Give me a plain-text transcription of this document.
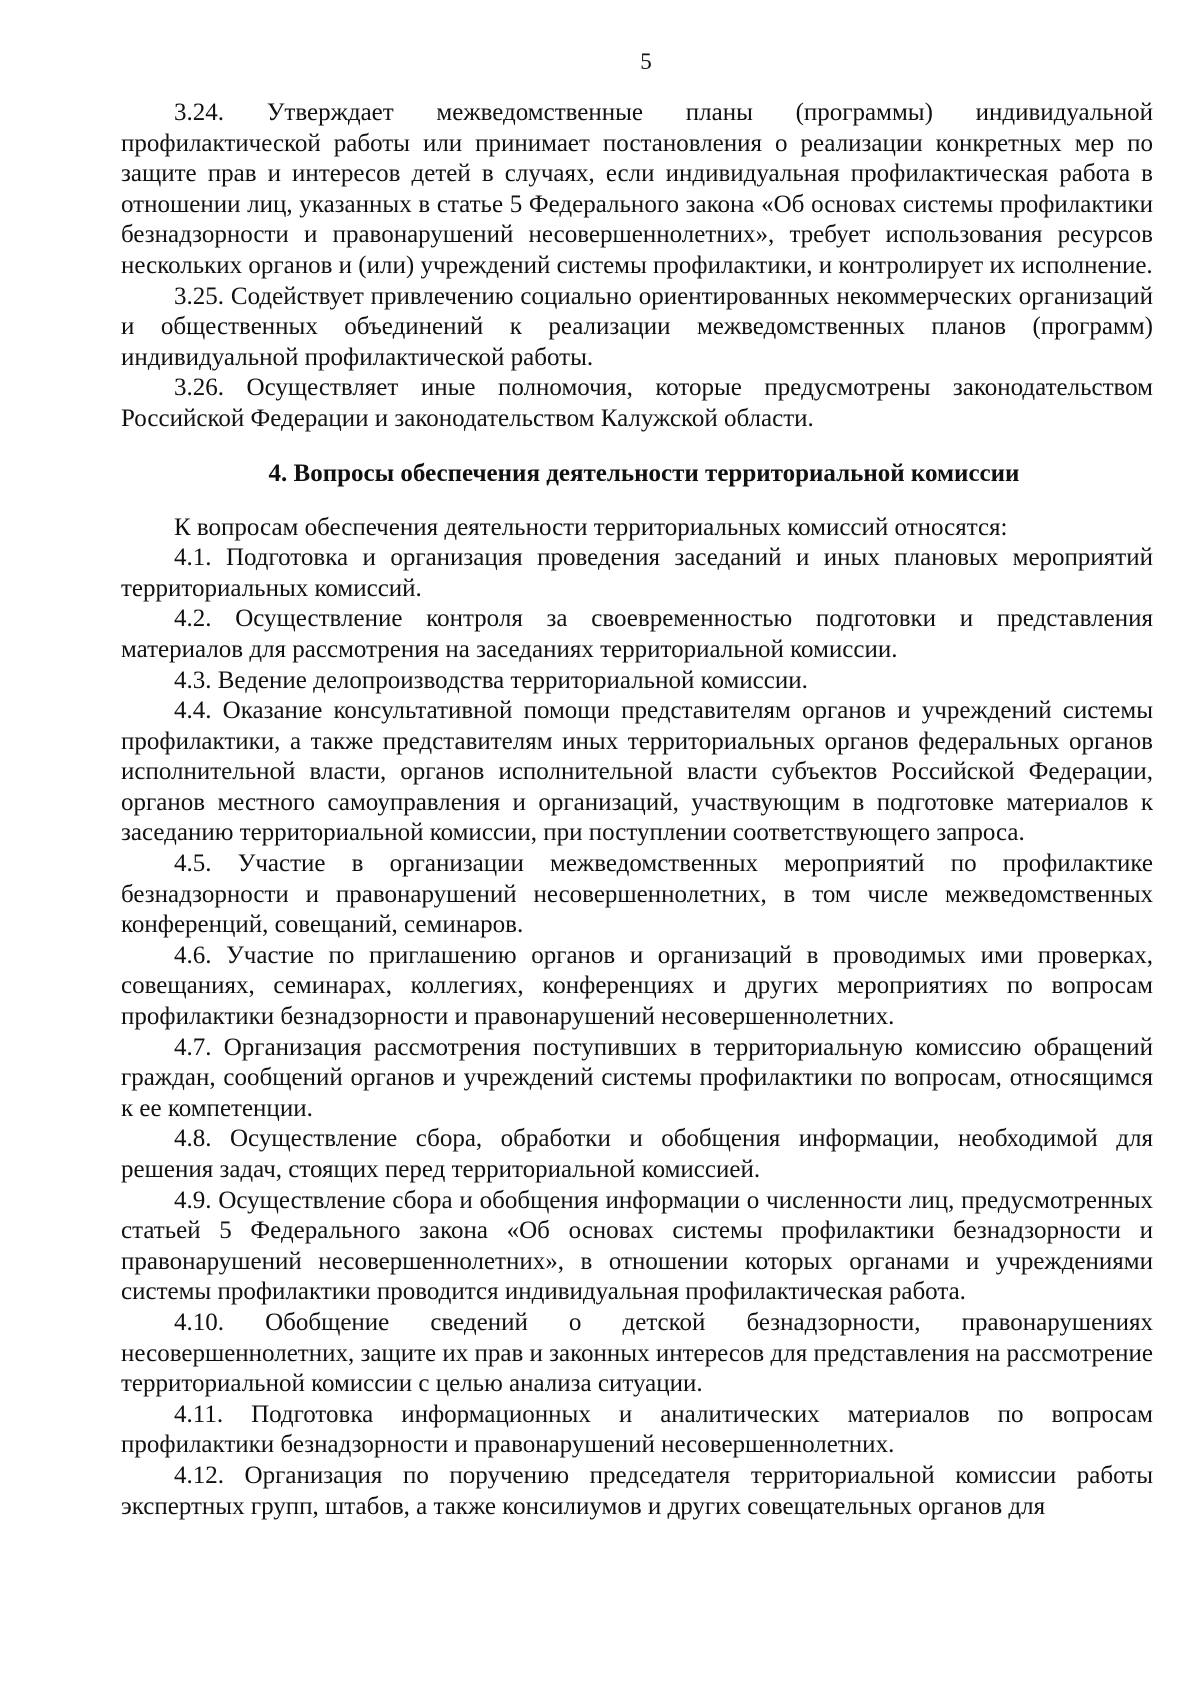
5

3.24. Утверждает межведомственные планы (программы) индивидуальной профилактической работы или принимает постановления о реализации конкретных мер по защите прав и интересов детей в случаях, если индивидуальная профилактическая работа в отношении лиц, указанных в статье 5 Федерального закона «Об основах системы профилактики безнадзорности и правонарушений несовершеннолетних», требует использования ресурсов нескольких органов и (или) учреждений системы профилактики, и контролирует их исполнение.

3.25. Содействует привлечению социально ориентированных некоммерческих организаций и общественных объединений к реализации межведомственных планов (программ) индивидуальной профилактической работы.

3.26. Осуществляет иные полномочия, которые предусмотрены законодательством Российской Федерации и законодательством Калужской области.

4. Вопросы обеспечения деятельности территориальной комиссии

К вопросам обеспечения деятельности территориальных комиссий относятся:

4.1. Подготовка и организация проведения заседаний и иных плановых мероприятий территориальных комиссий.

4.2. Осуществление контроля за своевременностью подготовки и представления материалов для рассмотрения на заседаниях территориальной комиссии.

4.3. Ведение делопроизводства территориальной комиссии.

4.4. Оказание консультативной помощи представителям органов и учреждений системы профилактики, а также представителям иных территориальных органов федеральных органов исполнительной власти, органов исполнительной власти субъектов Российской Федерации, органов местного самоуправления и организаций, участвующим в подготовке материалов к заседанию территориальной комиссии, при поступлении соответствующего запроса.

4.5. Участие в организации межведомственных мероприятий по профилактике безнадзорности и правонарушений несовершеннолетних, в том числе межведомственных конференций, совещаний, семинаров.

4.6. Участие по приглашению органов и организаций в проводимых ими проверках, совещаниях, семинарах, коллегиях, конференциях и других мероприятиях по вопросам профилактики безнадзорности и правонарушений несовершеннолетних.

4.7. Организация рассмотрения поступивших в территориальную комиссию обращений граждан, сообщений органов и учреждений системы профилактики по вопросам, относящимся к ее компетенции.

4.8. Осуществление сбора, обработки и обобщения информации, необходимой для решения задач, стоящих перед территориальной комиссией.

4.9. Осуществление сбора и обобщения информации о численности лиц, предусмотренных статьей 5 Федерального закона «Об основах системы профилактики безнадзорности и правонарушений несовершеннолетних», в отношении которых органами и учреждениями системы профилактики проводится индивидуальная профилактическая работа.

4.10. Обобщение сведений о детской безнадзорности, правонарушениях несовершеннолетних, защите их прав и законных интересов для представления на рассмотрение территориальной комиссии с целью анализа ситуации.

4.11. Подготовка информационных и аналитических материалов по вопросам профилактики безнадзорности и правонарушений несовершеннолетних.

4.12. Организация по поручению председателя территориальной комиссии работы экспертных групп, штабов, а также консилиумов и других совещательных органов для
